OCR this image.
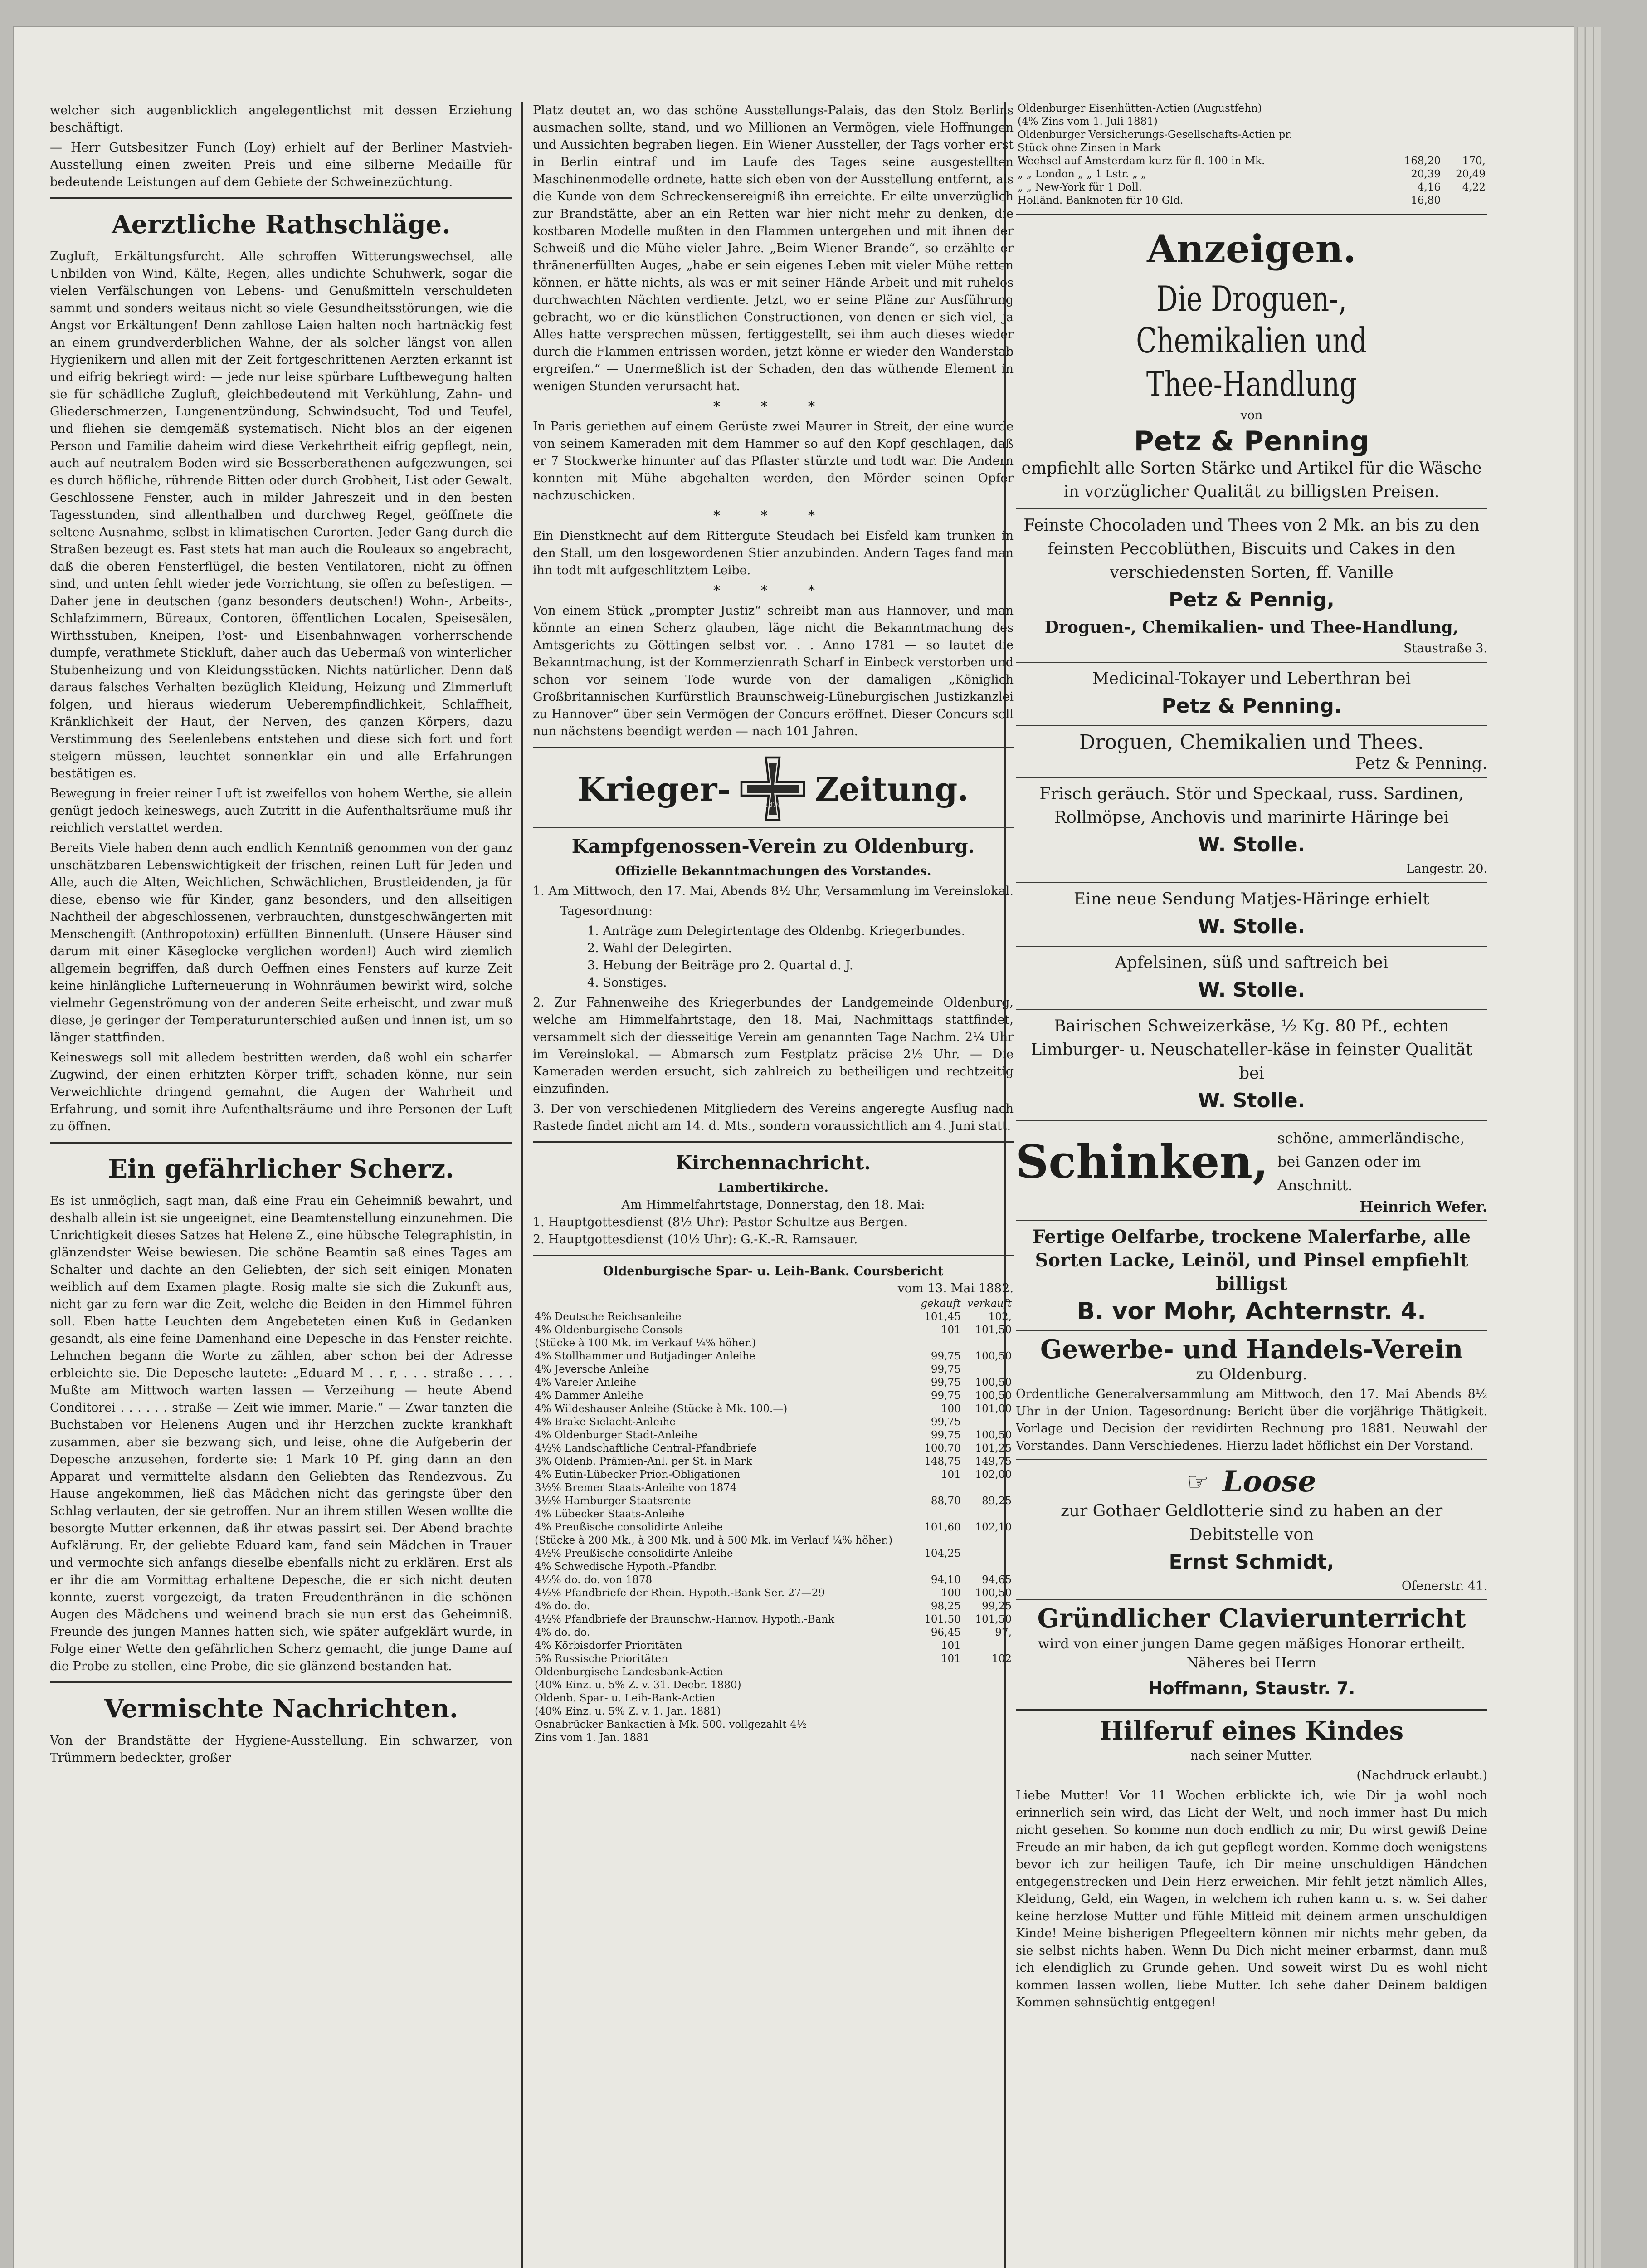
welcher sich augenblicklich angelegentlichst mit dessen Erziehung beschäftigt.

— Herr Gutsbesitzer Funch (Loy) erhielt auf der Berliner Mastvieh-Ausstellung einen zweiten Preis und eine silberne Medaille für bedeutende Leistungen auf dem Gebiete der Schweinezüchtung.

Aerztliche Rathschläge.

Zugluft, Erkältungsfurcht. Alle schroffen Witterungswechsel, alle Unbilden von Wind, Kälte, Regen, alles undichte Schuhwerk, sogar die vielen Verfälschungen von Lebens- und Genußmitteln verschuldeten sammt und sonders weitaus nicht so viele Gesundheitsstörungen, wie die Angst vor Erkältungen! Denn zahllose Laien halten noch hartnäckig fest an einem grundverderblichen Wahne, der als solcher längst von allen Hygienikern und allen mit der Zeit fortgeschrittenen Aerzten erkannt ist und eifrig bekriegt wird: — jede nur leise spürbare Luftbewegung halten sie für schädliche Zugluft, gleichbedeutend mit Verkühlung, Zahn- und Gliederschmerzen, Lungenentzündung, Schwindsucht, Tod und Teufel, und fliehen sie demgemäß systematisch. Nicht blos an der eigenen Person und Familie daheim wird diese Verkehrtheit eifrig gepflegt, nein, auch auf neutralem Boden wird sie Besserberathenen aufgezwungen, sei es durch höfliche, rührende Bitten oder durch Grobheit, List oder Gewalt. Geschlossene Fenster, auch in milder Jahreszeit und in den besten Tagesstunden, sind allenthalben und durchweg Regel, geöffnete die seltene Ausnahme, selbst in klimatischen Curorten. Jeder Gang durch die Straßen bezeugt es. Fast stets hat man auch die Rouleaux so angebracht, daß die oberen Fensterflügel, die besten Ventilatoren, nicht zu öffnen sind, und unten fehlt wieder jede Vorrichtung, sie offen zu befestigen. — Daher jene in deutschen (ganz besonders deutschen!) Wohn-, Arbeits-, Schlafzimmern, Büreaux, Contoren, öffentlichen Localen, Speisesälen, Wirthsstuben, Kneipen, Post- und Eisenbahnwagen vorherrschende dumpfe, verathmete Stickluft, daher auch das Uebermaß von winterlicher Stubenheizung und von Kleidungsstücken. Nichts natürlicher. Denn daß daraus falsches Verhalten bezüglich Kleidung, Heizung und Zimmerluft folgen, und hieraus wiederum Ueberempfindlichkeit, Schlaffheit, Kränklichkeit der Haut, der Nerven, des ganzen Körpers, dazu Verstimmung des Seelenlebens entstehen und diese sich fort und fort steigern müssen, leuchtet sonnenklar ein und alle Erfahrungen bestätigen es.

Bewegung in freier reiner Luft ist zweifellos von hohem Werthe, sie allein genügt jedoch keineswegs, auch Zutritt in die Aufenthaltsräume muß ihr reichlich verstattet werden.

Bereits Viele haben denn auch endlich Kenntniß genommen von der ganz unschätzbaren Lebenswichtigkeit der frischen, reinen Luft für Jeden und Alle, auch die Alten, Weichlichen, Schwächlichen, Brustleidenden, ja für diese, ebenso wie für Kinder, ganz besonders, und den allseitigen Nachtheil der abgeschlossenen, verbrauchten, dunstgeschwängerten mit Menschengift (Anthropotoxin) erfüllten Binnenluft. (Unsere Häuser sind darum mit einer Käseglocke verglichen worden!) Auch wird ziemlich allgemein begriffen, daß durch Oeffnen eines Fensters auf kurze Zeit keine hinlängliche Lufterneuerung in Wohnräumen bewirkt wird, solche vielmehr Gegenströmung von der anderen Seite erheischt, und zwar muß diese, je geringer der Temperaturunterschied außen und innen ist, um so länger stattfinden.

Keineswegs soll mit alledem bestritten werden, daß wohl ein scharfer Zugwind, der einen erhitzten Körper trifft, schaden könne, nur sein Verweichlichte dringend gemahnt, die Augen der Wahrheit und Erfahrung, und somit ihre Aufenthaltsräume und ihre Personen der Luft zu öffnen.

Ein gefährlicher Scherz.

Es ist unmöglich, sagt man, daß eine Frau ein Geheimniß bewahrt, und deshalb allein ist sie ungeeignet, eine Beamtenstellung einzunehmen. Die Unrichtigkeit dieses Satzes hat Helene Z., eine hübsche Telegraphistin, in glänzendster Weise bewiesen. Die schöne Beamtin saß eines Tages am Schalter und dachte an den Geliebten, der sich seit einigen Monaten weiblich auf dem Examen plagte. Rosig malte sie sich die Zukunft aus, nicht gar zu fern war die Zeit, welche die Beiden in den Himmel führen soll. Eben hatte Leuchten dem Angebeteten einen Kuß in Gedanken gesandt, als eine feine Damenhand eine Depesche in das Fenster reichte. Lehnchen begann die Worte zu zählen, aber schon bei der Adresse erbleichte sie. Die Depesche lautete: „Eduard M . . r, . . . straße . . . . Mußte am Mittwoch warten lassen — Verzeihung — heute Abend Conditorei . . . . . . straße — Zeit wie immer. Marie.“ — Zwar tanzten die Buchstaben vor Helenens Augen und ihr Herzchen zuckte krankhaft zusammen, aber sie bezwang sich, und leise, ohne die Aufgeberin der Depesche anzusehen, forderte sie: 1 Mark 10 Pf. ging dann an den Apparat und vermittelte alsdann den Geliebten das Rendezvous. Zu Hause angekommen, ließ das Mädchen nicht das geringste über den Schlag verlauten, der sie getroffen. Nur an ihrem stillen Wesen wollte die besorgte Mutter erkennen, daß ihr etwas passirt sei. Der Abend brachte Aufklärung. Er, der geliebte Eduard kam, fand sein Mädchen in Trauer und vermochte sich anfangs dieselbe ebenfalls nicht zu erklären. Erst als er ihr die am Vormittag erhaltene Depesche, die er sich nicht deuten konnte, zuerst vorgezeigt, da traten Freudenthränen in die schönen Augen des Mädchens und weinend brach sie nun erst das Geheimniß. Freunde des jungen Mannes hatten sich, wie später aufgeklärt wurde, in Folge einer Wette den gefährlichen Scherz gemacht, die junge Dame auf die Probe zu stellen, eine Probe, die sie glänzend bestanden hat.

Vermischte Nachrichten.

Von der Brandstätte der Hygiene-Ausstellung. Ein schwarzer, von Trümmern bedeckter, großer

Platz deutet an, wo das schöne Ausstellungs-Palais, das den Stolz Berlins ausmachen sollte, stand, und wo Millionen an Vermögen, viele Hoffnungen und Aussichten begraben liegen. Ein Wiener Aussteller, der Tags vorher erst in Berlin eintraf und im Laufe des Tages seine ausgestellten Maschinenmodelle ordnete, hatte sich eben von der Ausstellung entfernt, als die Kunde von dem Schreckensereigniß ihn erreichte. Er eilte unverzüglich zur Brandstätte, aber an ein Retten war hier nicht mehr zu denken, die kostbaren Modelle mußten in den Flammen untergehen und mit ihnen der Schweiß und die Mühe vieler Jahre. „Beim Wiener Brande“, so erzählte er thränenerfüllten Auges, „habe er sein eigenes Leben mit vieler Mühe retten können, er hätte nichts, als was er mit seiner Hände Arbeit und mit ruhelos durchwachten Nächten verdiente. Jetzt, wo er seine Pläne zur Ausführung gebracht, wo er die künstlichen Constructionen, von denen er sich viel, ja Alles hatte versprechen müssen, fertiggestellt, sei ihm auch dieses wieder durch die Flammen entrissen worden, jetzt könne er wieder den Wanderstab ergreifen.“ — Unermeßlich ist der Schaden, den das wüthende Element in wenigen Stunden verursacht hat.

* * *

In Paris geriethen auf einem Gerüste zwei Maurer in Streit, der eine wurde von seinem Kameraden mit dem Hammer so auf den Kopf geschlagen, daß er 7 Stockwerke hinunter auf das Pflaster stürzte und todt war. Die Andern konnten mit Mühe abgehalten werden, den Mörder seinen Opfer nachzuschicken.

* * *

Ein Dienstknecht auf dem Rittergute Steudach bei Eisfeld kam trunken in den Stall, um den losgewordenen Stier anzubinden. Andern Tages fand man ihn todt mit aufgeschlitztem Leibe.

* * *

Von einem Stück „prompter Justiz“ schreibt man aus Hannover, und man könnte an einen Scherz glauben, läge nicht die Bekanntmachung des Amtsgerichts zu Göttingen selbst vor. . . Anno 1781 — so lautet die Bekanntmachung, ist der Kommerzienrath Scharf in Einbeck verstorben und schon vor seinem Tode wurde von der damaligen „Königlich Großbritannischen Kurfürstlich Braunschweig-Lüneburgischen Justizkanzlei zu Hannover“ über sein Vermögen der Concurs eröffnet. Dieser Concurs soll nun nächstens beendigt werden — nach 101 Jahren.

Krieger-	1870 Zeitung.
Kampfgenossen-Verein zu Oldenburg.

Offizielle Bekanntmachungen des Vorstandes.

1. Am Mittwoch, den 17. Mai, Abends 8½ Uhr, Versammlung im Vereinslokal.

Tagesordnung:

1. Anträge zum Delegirtentage des Oldenbg. Kriegerbundes.

2. Wahl der Delegirten.

3. Hebung der Beiträge pro 2. Quartal d. J.

4. Sonstiges.

2. Zur Fahnenweihe des Kriegerbundes der Landgemeinde Oldenburg, welche am Himmelfahrtstage, den 18. Mai, Nachmittags stattfindet, versammelt sich der diesseitige Verein am genannten Tage Nachm. 2¼ Uhr im Vereinslokal. — Abmarsch zum Festplatz präcise 2½ Uhr. — Die Kameraden werden ersucht, sich zahlreich zu betheiligen und rechtzeitig einzufinden.

3. Der von verschiedenen Mitgliedern des Vereins angeregte Ausflug nach Rastede findet nicht am 14. d. Mts., sondern voraussichtlich am 4. Juni statt.

Kirchennachricht.

Lambertikirche.

Am Himmelfahrtstage, Donnerstag, den 18. Mai:

1. Hauptgottesdienst (8½ Uhr): Pastor Schultze aus Bergen.

2. Hauptgottesdienst (10½ Uhr): G.-K.-R. Ramsauer.

Oldenburgische Spar- u. Leih-Bank. Coursbericht

vom 13. Mai 1882.

	gekauft	verkauft
4% Deutsche Reichsanleihe	101,45	102,
4% Oldenburgische Consols	101	101,50
(Stücke à 100 Mk. im Verkauf ¼% höher.)		
4% Stollhammer und Butjadinger Anleihe	99,75	100,50
4% Jeversche Anleihe	99,75	
4% Vareler Anleihe	99,75	100,50
4% Dammer Anleihe	99,75	100,50
4% Wildeshauser Anleihe (Stücke à Mk. 100.—)	100	101,00
4% Brake Sielacht-Anleihe	99,75	
4% Oldenburger Stadt-Anleihe	99,75	100,50
4½% Landschaftliche Central-Pfandbriefe	100,70	101,25
3% Oldenb. Prämien-Anl. per St. in Mark	148,75	149,75
4% Eutin-Lübecker Prior.-Obligationen	101	102,00
3½% Bremer Staats-Anleihe von 1874		
3½% Hamburger Staatsrente	88,70	89,25
4% Lübecker Staats-Anleihe		
4% Preußische consolidirte Anleihe	101,60	102,10
(Stücke à 200 Mk., à 300 Mk. und à 500 Mk. im Verlauf ¼% höher.)		
4½% Preußische consolidirte Anleihe	104,25	
4% Schwedische Hypoth.-Pfandbr.		
4½% do. do. von 1878	94,10	94,65
4½% Pfandbriefe der Rhein. Hypoth.-Bank Ser. 27—29	100	100,50
4% do. do.	98,25	99,25
4½% Pfandbriefe der Braunschw.-Hannov. Hypoth.-Bank	101,50	101,50
4% do. do.	96,45	97,
4% Körbisdorfer Prioritäten	101	
5% Russische Prioritäten	101	102
Oldenburgische Landesbank-Actien		
(40% Einz. u. 5% Z. v. 31. Decbr. 1880)		
Oldenb. Spar- u. Leih-Bank-Actien		
(40% Einz. u. 5% Z. v. 1. Jan. 1881)		
Osnabrücker Bankactien à Mk. 500. vollgezahlt 4½		
Zins vom 1. Jan. 1881		
Oldenburger Eisenhütten-Actien (Augustfehn)		
(4% Zins vom 1. Juli 1881)		
Oldenburger Versicherungs-Gesellschafts-Actien pr.		
Stück ohne Zinsen in Mark		
Wechsel auf Amsterdam kurz für fl. 100 in Mk.	168,20	170,
„ „ London „ „ 1 Lstr. „ „	20,39	20,49
„ „ New-York für 1 Doll.	4,16	4,22
Holländ. Banknoten für 10 Gld.	16,80	
Anzeigen.
Die Droguen-, Chemikalien und
Thee-Handlung

von

Petz & Penning

empfiehlt alle Sorten Stärke und Artikel für die Wäsche in vorzüglicher Qualität zu billigsten Preisen.

Feinste Chocoladen und Thees von 2 Mk. an bis zu den feinsten Peccoblüthen, Biscuits und Cakes in den verschiedensten Sorten, ff. Vanille

Petz & Pennig,

Droguen-, Chemikalien- und Thee-Handlung,

Staustraße 3.

Medicinal-Tokayer und Leberthran bei

Petz & Penning.
Droguen, Chemikalien und Thees.

Petz & Penning.

Frisch geräuch. Stör und Speckaal, russ. Sardinen, Rollmöpse, Anchovis und marinirte Häringe bei

W. Stolle.

Langestr. 20.

Eine neue Sendung Matjes-Häringe erhielt

W. Stolle.

Apfelsinen, süß und saftreich bei

W. Stolle.

Bairischen Schweizerkäse, ½ Kg. 80 Pf., echten Limburger- u. Neuschateller-käse in feinster Qualität bei

W. Stolle.
Schinken, schöne, ammerländische, bei Ganzen oder im Anschnitt.

Heinrich Wefer.

Fertige Oelfarbe, trockene Malerfarbe, alle Sorten Lacke, Leinöl, und Pinsel empfiehlt billigst

B. vor Mohr, Achternstr. 4.
Gewerbe- und Handels-Verein

zu Oldenburg.

Ordentliche Generalversammlung am Mittwoch, den 17. Mai Abends 8½ Uhr in der Union. Tagesordnung: Bericht über die vorjährige Thätigkeit. Vorlage und Decision der revidirten Rechnung pro 1881. Neuwahl der Vorstandes. Dann Verschiedenes. Hierzu ladet höflichst ein Der Vorstand.

☞ Loose

zur Gothaer Geldlotterie sind zu haben an der Debitstelle von

Ernst Schmidt,

Ofenerstr. 41.

Gründlicher Clavierunterricht

wird von einer jungen Dame gegen mäßiges Honorar ertheilt. Näheres bei Herrn

Hoffmann, Staustr. 7.
Hilferuf eines Kindes

nach seiner Mutter.

(Nachdruck erlaubt.)

Liebe Mutter! Vor 11 Wochen erblickte ich, wie Dir ja wohl noch erinnerlich sein wird, das Licht der Welt, und noch immer hast Du mich nicht gesehen. So komme nun doch endlich zu mir, Du wirst gewiß Deine Freude an mir haben, da ich gut gepflegt worden. Komme doch wenigstens bevor ich zur heiligen Taufe, ich Dir meine unschuldigen Händchen entgegenstrecken und Dein Herz erweichen. Mir fehlt jetzt nämlich Alles, Kleidung, Geld, ein Wagen, in welchem ich ruhen kann u. s. w. Sei daher keine herzlose Mutter und fühle Mitleid mit deinem armen unschuldigen Kinde! Meine bisherigen Pflegeeltern können mir nichts mehr geben, da sie selbst nichts haben. Wenn Du Dich nicht meiner erbarmst, dann muß ich elendiglich zu Grunde gehen. Und soweit wirst Du es wohl nicht kommen lassen wollen, liebe Mutter. Ich sehe daher Deinem baldigen Kommen sehnsüchtig entgegen!
